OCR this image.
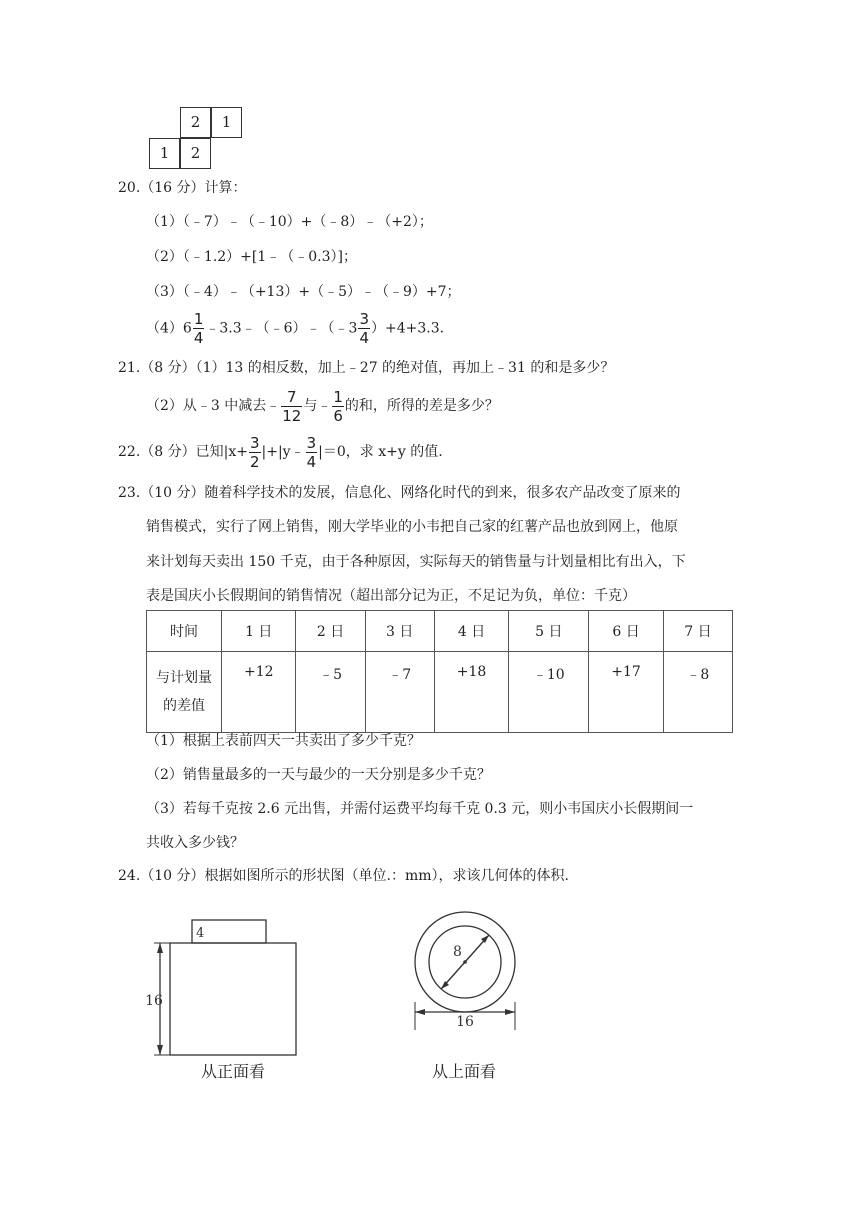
2	1
1	2
20.（16 分）计算：
（1）（﹣7）﹣（﹣10）+（﹣8）﹣（+2）；
（2）（﹣1.2）+[1﹣（﹣0.3）]；
（3）（﹣4）﹣（+13）+（﹣5）﹣（﹣9）+7；
$(4)6 \frac{1}{4}$ ﹣3.3﹣（﹣6）﹣（﹣3 $\frac{3}{4} )+4+3.3$.
21.（8 分）（1）13 的相反数，加上﹣27 的绝对值，再加上﹣31 的和是多少？
（2）从﹣3 中减去﹣ $\frac{7}{12}$ 与﹣ $\frac{1}{6}$ 的和，所得的差是多少？
22.（8 分）已知$|x+ \frac{3}{2}$ |+|y﹣ $\frac{3}{4} |=0$，求 x+y 的值.
23.（10 分）随着科学技术的发展，信息化、网络化时代的到来，很多农产品改变了原来的
销售模式，实行了网上销售，刚大学毕业的小韦把自己家的红薯产品也放到网上，他原
来计划每天卖出 150 千克，由于各种原因，实际每天的销售量与计划量相比有出入，下
表是国庆小长假期间的销售情况（超出部分记为正，不足记为负，单位：千克）
时间	1 日	2 日	3 日	4 日	5 日	6 日	7 日

与计划量
的差值	+12	﹣5	﹣7	+18	﹣10	+17	﹣8
（1）根据上表前四天一共卖出了多少千克？
（2）销售量最多的一天与最少的一天分别是多少千克？
（3）若每千克按 2.6 元出售，并需付运费平均每千克 0.3 元，则小韦国庆小长假期间一
共收入多少钱？
24.（10 分）根据如图所示的形状图（单位.：mm），求该几何体的体积.
16
4
从正面看
8
16
从上面看
